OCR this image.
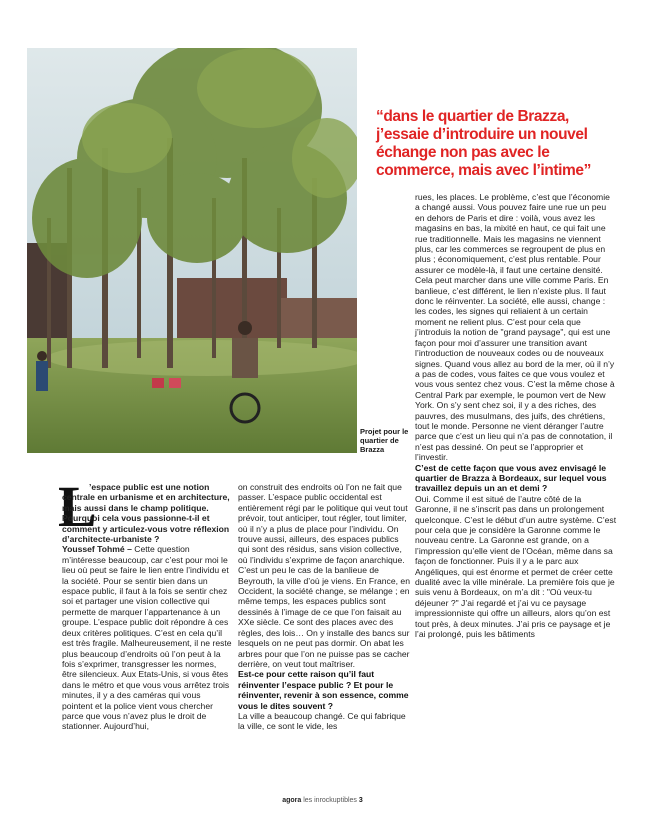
Projet pour le quartier de Brazza
“dans le quartier de Brazza, j’essaie d’introduire un nouvel échange non pas avec le commerce, mais avec l’intime”
L

’espace public est une notion centrale en urbanisme et en architecture, mais aussi dans le champ politique. Pourquoi cela vous passionne-t-il et comment y articulez-vous votre réflexion d’architecte-urbaniste ?

Youssef Tohmé – Cette question m’intéresse beaucoup, car c’est pour moi le lieu où peut se faire le lien entre l’individu et la société. Pour se sentir bien dans un espace public, il faut à la fois se sentir chez soi et partager une vision collective qui permette de marquer l’appartenance à un groupe. L’espace public doit répondre à ces deux critères politiques. C’est en cela qu’il est très fragile. Malheureusement, il ne reste plus beaucoup d’endroits où l’on peut à la fois s’exprimer, transgresser les normes, être silencieux. Aux Etats-Unis, si vous êtes dans le métro et que vous vous arrêtez trois minutes, il y a des caméras qui vous pointent et la police vient vous chercher parce que vous n’avez plus le droit de stationner. Aujourd’hui,

on construit des endroits où l’on ne fait que passer. L’espace public occidental est entièrement régi par le politique qui veut tout prévoir, tout anticiper, tout régler, tout limiter, où il n’y a plus de place pour l’individu. On trouve aussi, ailleurs, des espaces publics qui sont des résidus, sans vision collective, où l’individu s’exprime de façon anarchique. C’est un peu le cas de la banlieue de Beyrouth, la ville d’où je viens. En France, en Occident, la société change, se mélange ; en même temps, les espaces publics sont dessinés à l’image de ce que l’on faisait au XXe siècle. Ce sont des places avec des règles, des lois… On y installe des bancs sur lesquels on ne peut pas dormir. On abat les arbres pour que l’on ne puisse pas se cacher derrière, on veut tout maîtriser.

Est-ce pour cette raison qu’il faut réinventer l’espace public ? Et pour le réinventer, revenir à son essence, comme vous le dites souvent ?

La ville a beaucoup changé. Ce qui fabrique la ville, ce sont le vide, les

rues, les places. Le problème, c’est que l’économie a changé aussi. Vous pouvez faire une rue un peu en dehors de Paris et dire : voilà, vous avez les magasins en bas, la mixité en haut, ce qui fait une rue traditionnelle. Mais les magasins ne viennent plus, car les commerces se regroupent de plus en plus ; économiquement, c’est plus rentable. Pour assurer ce modèle-là, il faut une certaine densité. Cela peut marcher dans une ville comme Paris. En banlieue, c’est différent, le lien n’existe plus. Il faut donc le réinventer. La société, elle aussi, change : les codes, les signes qui reliaient à un certain moment ne relient plus. C’est pour cela que j’introduis la notion de "grand paysage", qui est une façon pour moi d’assurer une transition avant l’introduction de nouveaux codes ou de nouveaux signes. Quand vous allez au bord de la mer, où il n’y a pas de codes, vous faites ce que vous voulez et vous vous sentez chez vous. C’est la même chose à Central Park par exemple, le poumon vert de New York. On s’y sent chez soi, il y a des riches, des pauvres, des musulmans, des juifs, des chrétiens, tout le monde. Personne ne vient déranger l’autre parce que c’est un lieu qui n’a pas de connotation, il n’est pas dessiné. On peut se l’approprier et l’investir.

C’est de cette façon que vous avez envisagé le quartier de Brazza à Bordeaux, sur lequel vous travaillez depuis un an et demi ?

Oui. Comme il est situé de l’autre côté de la Garonne, il ne s’inscrit pas dans un prolongement quelconque. C’est le début d’un autre système. C’est pour cela que je considère la Garonne comme le nouveau centre. La Garonne est grande, on a l’impression qu’elle vient de l’Océan, même dans sa façon de fonctionner. Puis il y a le parc aux Angéliques, qui est énorme et permet de créer cette dualité avec la ville minérale. La première fois que je suis venu à Bordeaux, on m’a dit : "Où veux-tu déjeuner ?" J’ai regardé et j’ai vu ce paysage impressionniste qui offre un ailleurs, alors qu’on est tout près, à deux minutes. J’ai pris ce paysage et je l’ai prolongé, puis les bâtiments

agora les inrockuptibles 3
